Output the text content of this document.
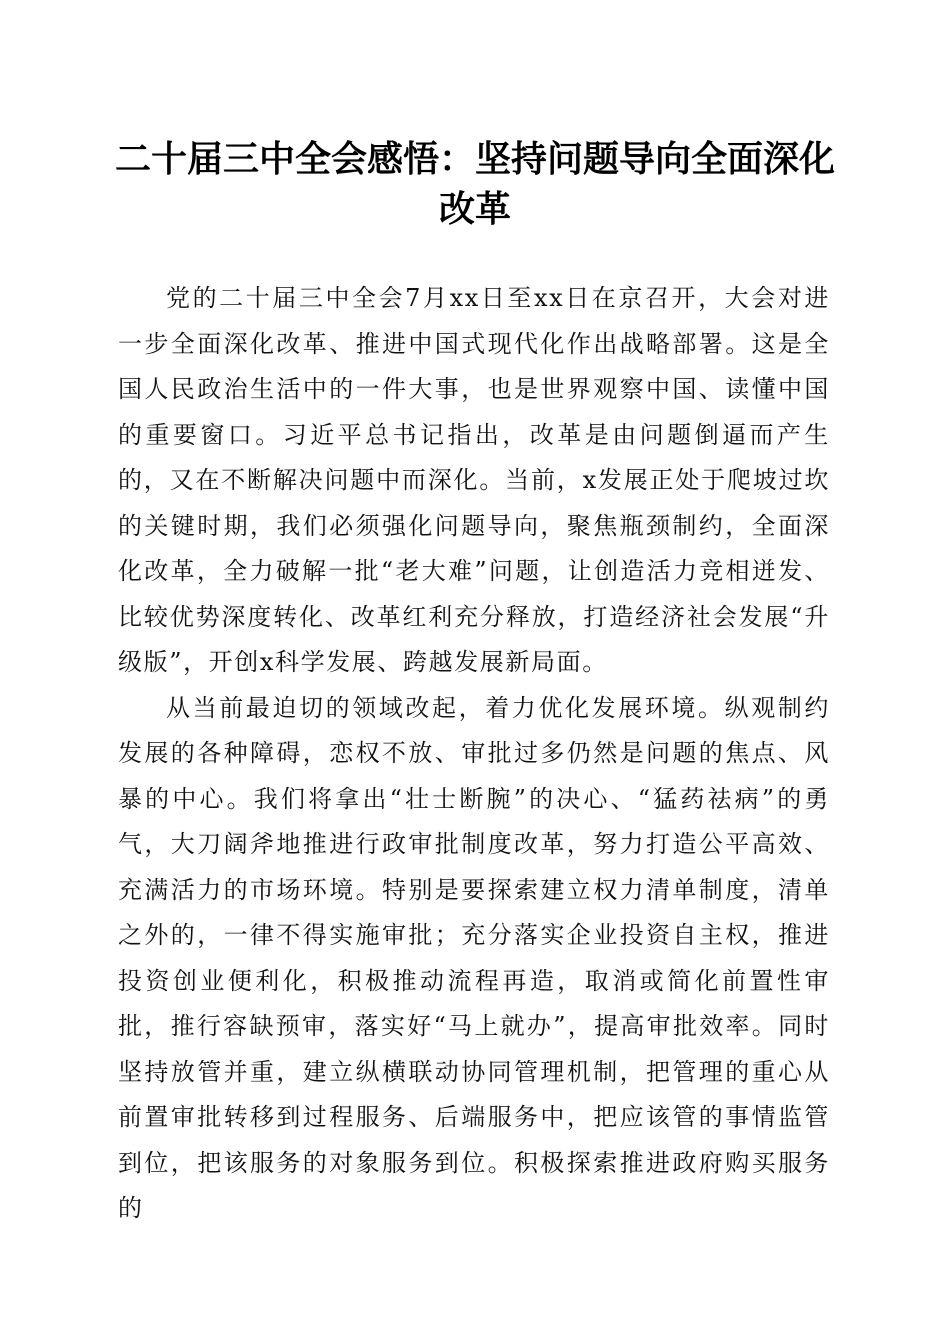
二十届三中全会感悟：坚持问题导向全面深化改革

党的二十届三中全会7月xx日至xx日在京召开，大会对进一步全面深化改革、推进中国式现代化作出战略部署。这是全国人民政治生活中的一件大事，也是世界观察中国、读懂中国的重要窗口。习近平总书记指出，改革是由问题倒逼而产生的，又在不断解决问题中而深化。当前，x发展正处于爬坡过坎的关键时期，我们必须强化问题导向，聚焦瓶颈制约，全面深化改革，全力破解一批“老大难”问题，让创造活力竞相迸发、比较优势深度转化、改革红利充分释放，打造经济社会发展“升级版”，开创x科学发展、跨越发展新局面。

从当前最迫切的领域改起，着力优化发展环境。纵观制约发展的各种障碍，恋权不放、审批过多仍然是问题的焦点、风暴的中心。我们将拿出“壮士断腕”的决心、“猛药祛病”的勇气，大刀阔斧地推进行政审批制度改革，努力打造公平高效、充满活力的市场环境。特别是要探索建立权力清单制度，清单之外的，一律不得实施审批；充分落实企业投资自主权，推进投资创业便利化，积极推动流程再造，取消或简化前置性审批，推行容缺预审，落实好“马上就办”，提高审批效率。同时坚持放管并重，建立纵横联动协同管理机制，把管理的重心从前置审批转移到过程服务、后端服务中，把应该管的事情监管到位，把该服务的对象服务到位。积极探索推进政府购买服务的
